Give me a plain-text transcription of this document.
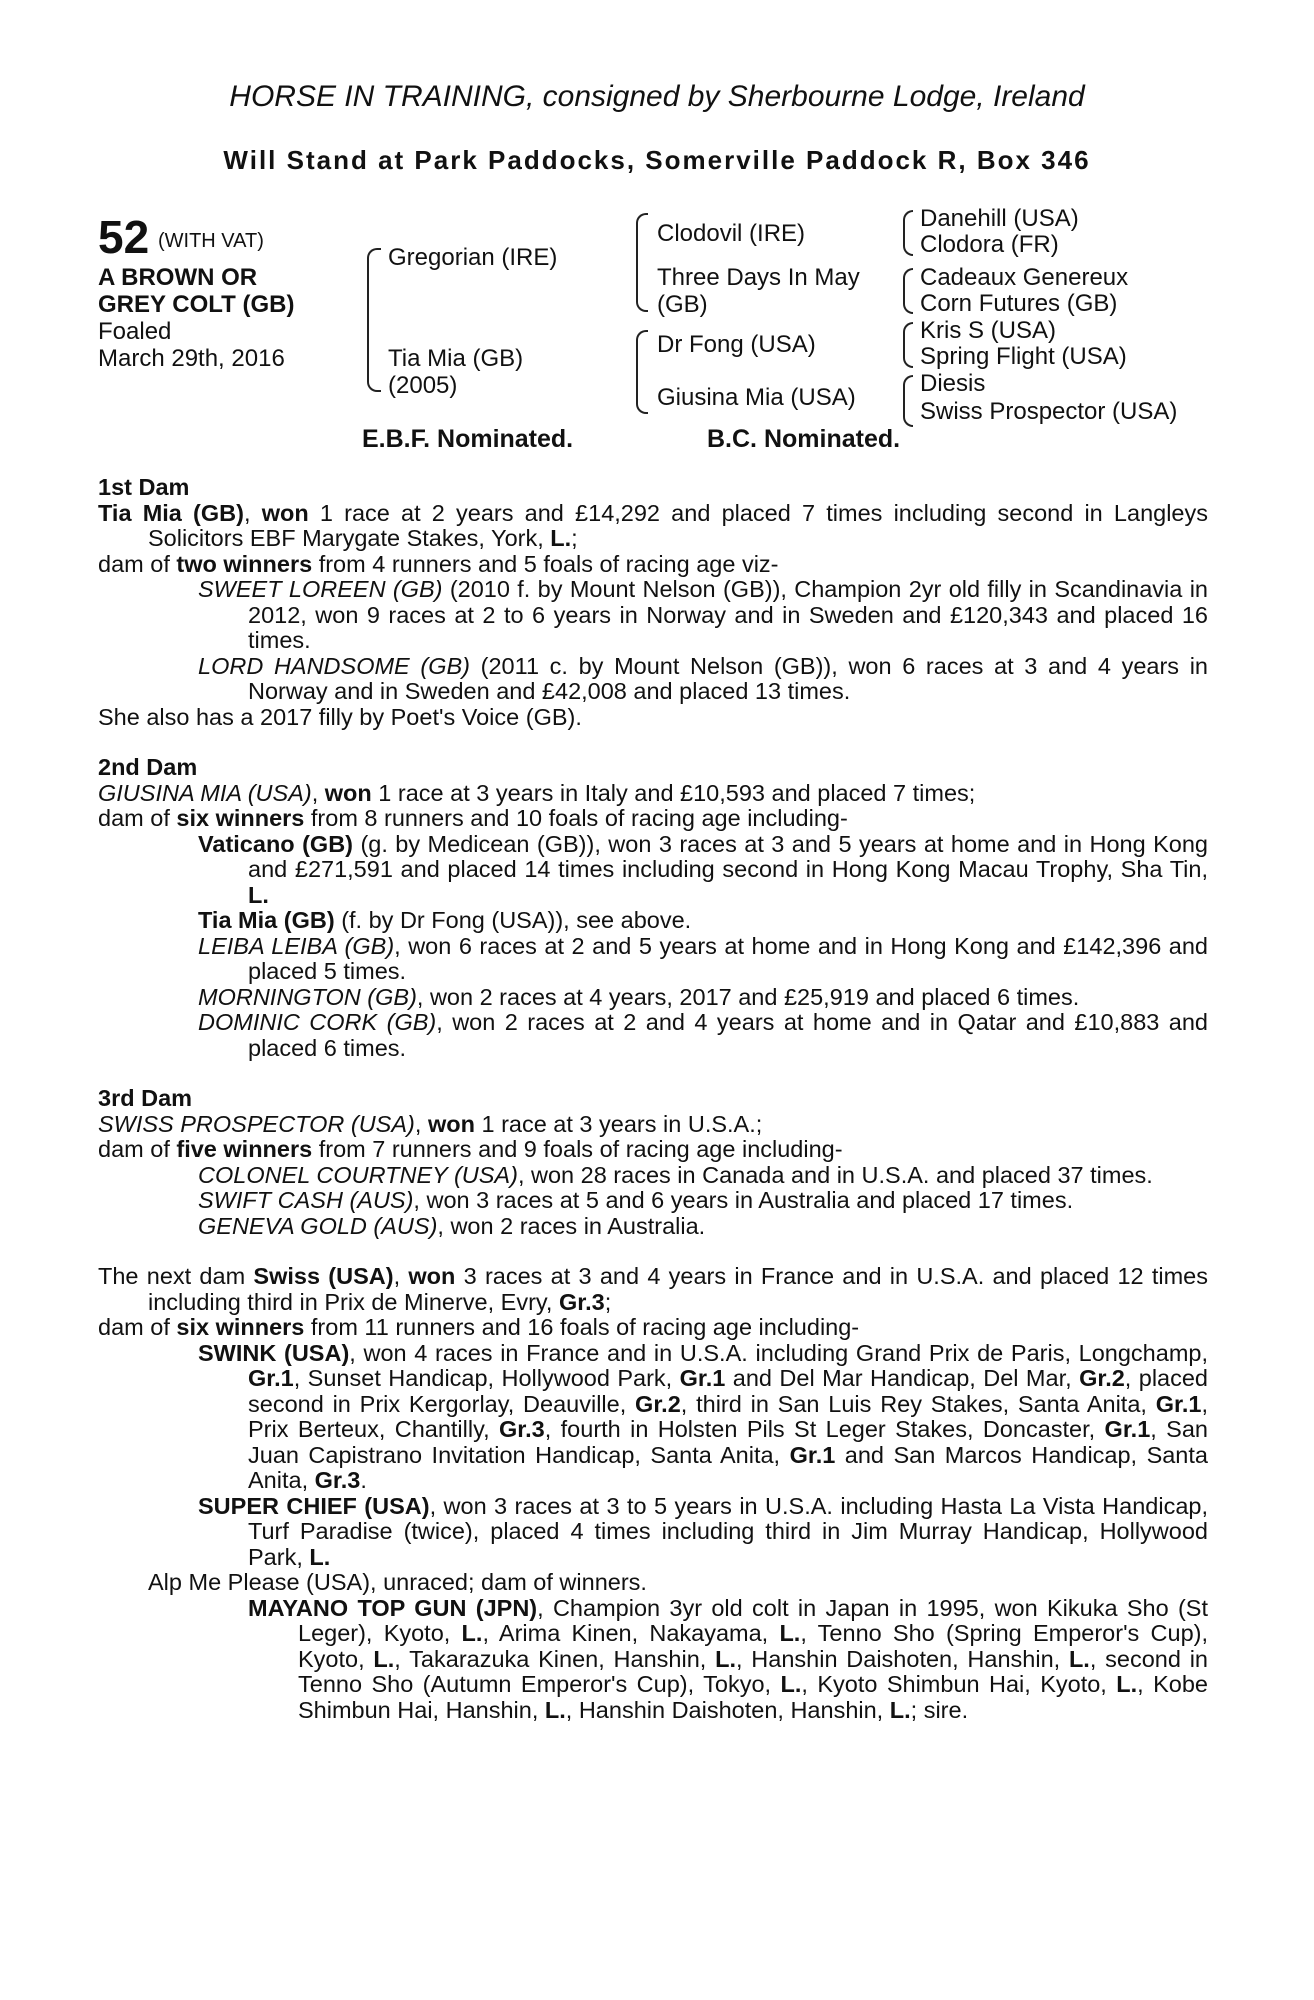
HORSE IN TRAINING, consigned by Sherbourne Lodge, Ireland
Will Stand at Park Paddocks, Somerville Paddock R, Box 346
52 (WITH VAT)
A BROWN OR
GREY COLT (GB)
Foaled
March 29th, 2016
Gregorian (IRE)
Tia Mia (GB)
(2005)
Clodovil (IRE)
Three Days In May
(GB)
Dr Fong (USA)
Giusina Mia (USA)
Danehill (USA)
Clodora (FR)
Cadeaux Genereux
Corn Futures (GB)
Kris S (USA)
Spring Flight (USA)
Diesis
Swiss Prospector (USA)
E.B.F. Nominated.	B.C. Nominated.
1st Dam
Tia Mia (GB), won 1 race at 2 years and £14,292 and placed 7 times including second in Langleys Solicitors EBF Marygate Stakes, York, L.;
dam of two winners from 4 runners and 5 foals of racing age viz-
SWEET LOREEN (GB) (2010 f. by Mount Nelson (GB)), Champion 2yr old filly in Scandinavia in 2012, won 9 races at 2 to 6 years in Norway and in Sweden and £120,343 and placed 16 times.
LORD HANDSOME (GB) (2011 c. by Mount Nelson (GB)), won 6 races at 3 and 4 years in Norway and in Sweden and £42,008 and placed 13 times.
She also has a 2017 filly by Poet's Voice (GB).
2nd Dam
GIUSINA MIA (USA), won 1 race at 3 years in Italy and £10,593 and placed 7 times;
dam of six winners from 8 runners and 10 foals of racing age including-
Vaticano (GB) (g. by Medicean (GB)), won 3 races at 3 and 5 years at home and in Hong Kong and £271,591 and placed 14 times including second in Hong Kong Macau Trophy, Sha Tin, L.
Tia Mia (GB) (f. by Dr Fong (USA)), see above.
LEIBA LEIBA (GB), won 6 races at 2 and 5 years at home and in Hong Kong and £142,396 and placed 5 times.
MORNINGTON (GB), won 2 races at 4 years, 2017 and £25,919 and placed 6 times.
DOMINIC CORK (GB), won 2 races at 2 and 4 years at home and in Qatar and £10,883 and placed 6 times.
3rd Dam
SWISS PROSPECTOR (USA), won 1 race at 3 years in U.S.A.;
dam of five winners from 7 runners and 9 foals of racing age including-
COLONEL COURTNEY (USA), won 28 races in Canada and in U.S.A. and placed 37 times.
SWIFT CASH (AUS), won 3 races at 5 and 6 years in Australia and placed 17 times.
GENEVA GOLD (AUS), won 2 races in Australia.
The next dam Swiss (USA), won 3 races at 3 and 4 years in France and in U.S.A. and placed 12 times including third in Prix de Minerve, Evry, Gr.3;
dam of six winners from 11 runners and 16 foals of racing age including-
SWINK (USA), won 4 races in France and in U.S.A. including Grand Prix de Paris, Longchamp, Gr.1, Sunset Handicap, Hollywood Park, Gr.1 and Del Mar Handicap, Del Mar, Gr.2, placed second in Prix Kergorlay, Deauville, Gr.2, third in San Luis Rey Stakes, Santa Anita, Gr.1, Prix Berteux, Chantilly, Gr.3, fourth in Holsten Pils St Leger Stakes, Doncaster, Gr.1, San Juan Capistrano Invitation Handicap, Santa Anita, Gr.1 and San Marcos Handicap, Santa Anita, Gr.3.
SUPER CHIEF (USA), won 3 races at 3 to 5 years in U.S.A. including Hasta La Vista Handicap, Turf Paradise (twice), placed 4 times including third in Jim Murray Handicap, Hollywood Park, L.
Alp Me Please (USA), unraced; dam of winners.
MAYANO TOP GUN (JPN), Champion 3yr old colt in Japan in 1995, won Kikuka Sho (St Leger), Kyoto, L., Arima Kinen, Nakayama, L., Tenno Sho (Spring Emperor's Cup), Kyoto, L., Takarazuka Kinen, Hanshin, L., Hanshin Daishoten, Hanshin, L., second in Tenno Sho (Autumn Emperor's Cup), Tokyo, L., Kyoto Shimbun Hai, Kyoto, L., Kobe Shimbun Hai, Hanshin, L., Hanshin Daishoten, Hanshin, L.; sire.
